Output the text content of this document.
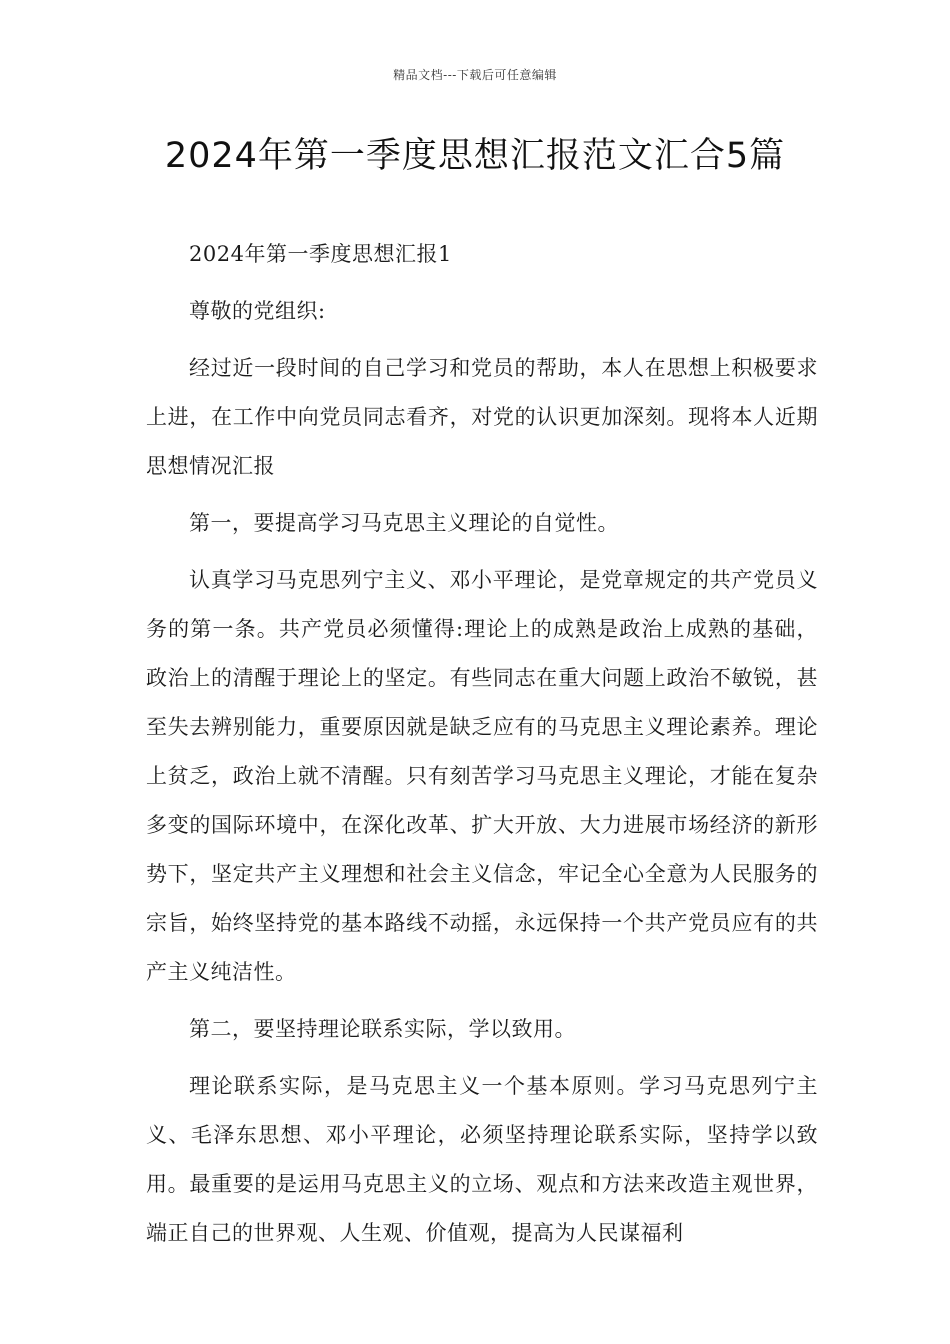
精品文档---下载后可任意编辑
2024年第一季度思想汇报范文汇合5篇

2024年第一季度思想汇报1

尊敬的党组织:

经过近一段时间的自己学习和党员的帮助，本人在思想上积极要求上进，在工作中向党员同志看齐，对党的认识更加深刻。现将本人近期思想情况汇报

第一，要提高学习马克思主义理论的自觉性。

认真学习马克思列宁主义、邓小平理论，是党章规定的共产党员义务的第一条。共产党员必须懂得:理论上的成熟是政治上成熟的基础，政治上的清醒于理论上的坚定。有些同志在重大问题上政治不敏锐，甚至失去辨别能力，重要原因就是缺乏应有的马克思主义理论素养。理论上贫乏，政治上就不清醒。只有刻苦学习马克思主义理论，才能在复杂多变的国际环境中，在深化改革、扩大开放、大力进展市场经济的新形势下，坚定共产主义理想和社会主义信念，牢记全心全意为人民服务的宗旨，始终坚持党的基本路线不动摇，永远保持一个共产党员应有的共产主义纯洁性。

第二，要坚持理论联系实际，学以致用。

理论联系实际，是马克思主义一个基本原则。学习马克思列宁主义、毛泽东思想、邓小平理论，必须坚持理论联系实际，坚持学以致用。最重要的是运用马克思主义的立场、观点和方法来改造主观世界，端正自己的世界观、人生观、价值观，提高为人民谋福利
